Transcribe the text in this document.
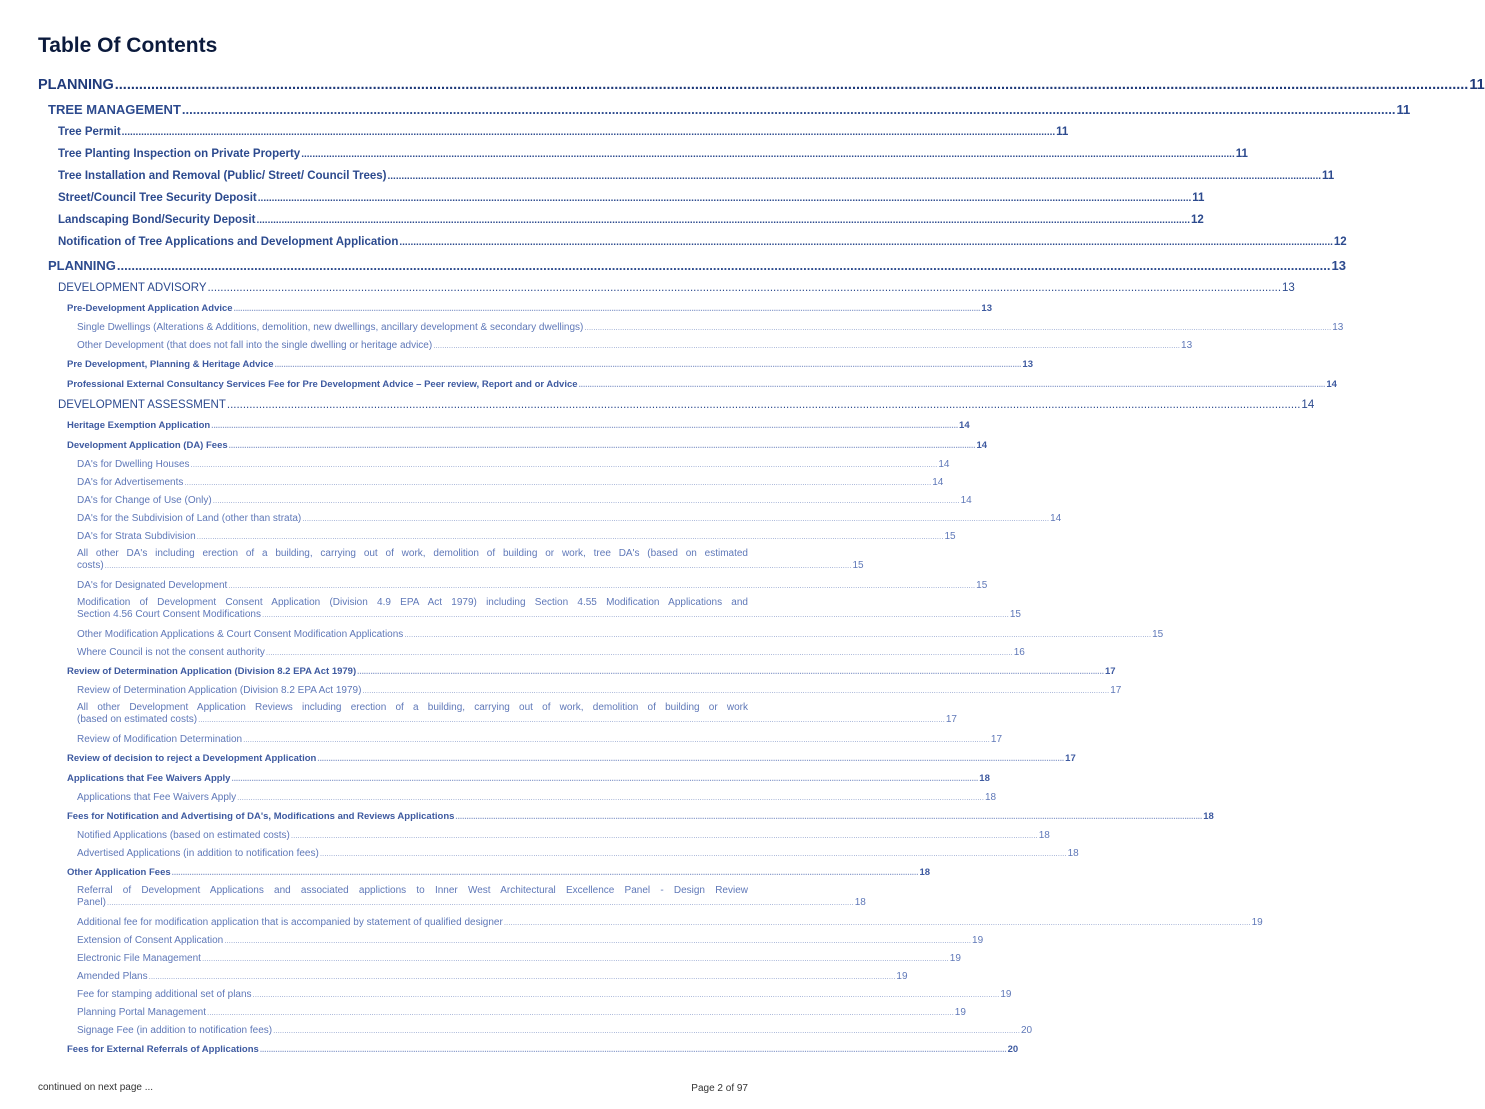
Table Of Contents
PLANNING .....	11
TREE MANAGEMENT .....	11
Tree Permit .....	11
Tree Planting Inspection on Private Property .....	11
Tree Installation and Removal (Public/ Street/ Council Trees) .....	11
Street/Council Tree Security Deposit .....	11
Landscaping Bond/Security Deposit .....	12
Notification of Tree Applications and Development Application .....	12
PLANNING .....	13
DEVELOPMENT ADVISORY .....	13
Pre-Development Application Advice .....	13
Single Dwellings (Alterations & Additions, demolition, new dwellings, ancillary development & secondary dwellings) .....	13
Other Development (that does not fall into the single dwelling or heritage advice) .....	13
Pre Development, Planning & Heritage Advice .....	13
Professional External Consultancy Services Fee for Pre Development Advice – Peer review, Report and or Advice .....	14
DEVELOPMENT ASSESSMENT .....	14
Heritage Exemption Application .....	14
Development Application (DA) Fees .....	14
DA's for Dwelling Houses .....	14
DA's for Advertisements .....	14
DA's for Change of Use (Only) .....	14
DA's for the Subdivision of Land (other than strata) .....	14
DA's for Strata Subdivision .....	15
All other DA's including erection of a building, carrying out of work, demolition of building or work, tree DA's (based on estimated
costs) .....	15
DA's for Designated Development .....	15
Modification of Development Consent Application (Division 4.9 EPA Act 1979) including Section 4.55 Modification Applications and
Section 4.56 Court Consent Modifications .....	15
Other Modification Applications & Court Consent Modification Applications .....	15
Where Council is not the consent authority .....	16
Review of Determination Application (Division 8.2 EPA Act 1979) .....	17
Review of Determination Application (Division 8.2 EPA Act 1979) .....	17
All other Development Application Reviews including erection of a building, carrying out of work, demolition of building or work
(based on estimated costs) .....	17
Review of Modification Determination .....	17
Review of decision to reject a Development Application .....	17
Applications that Fee Waivers Apply .....	18
Applications that Fee Waivers Apply .....	18
Fees for Notification and Advertising of DA's, Modifications and Reviews Applications .....	18
Notified Applications (based on estimated costs) .....	18
Advertised Applications (in addition to notification fees) .....	18
Other Application Fees .....	18
Referral of Development Applications and associated applictions to Inner West Architectural Excellence Panel - Design Review
Panel) .....	18
Additional fee for modification application that is accompanied by statement of qualified designer .....	19
Extension of Consent Application .....	19
Electronic File Management .....	19
Amended Plans .....	19
Fee for stamping additional set of plans .....	19
Planning Portal Management .....	19
Signage Fee (in addition to notification fees) .....	20
Fees for External Referrals of Applications .....	20
continued on next page ...	Page 2 of 97
